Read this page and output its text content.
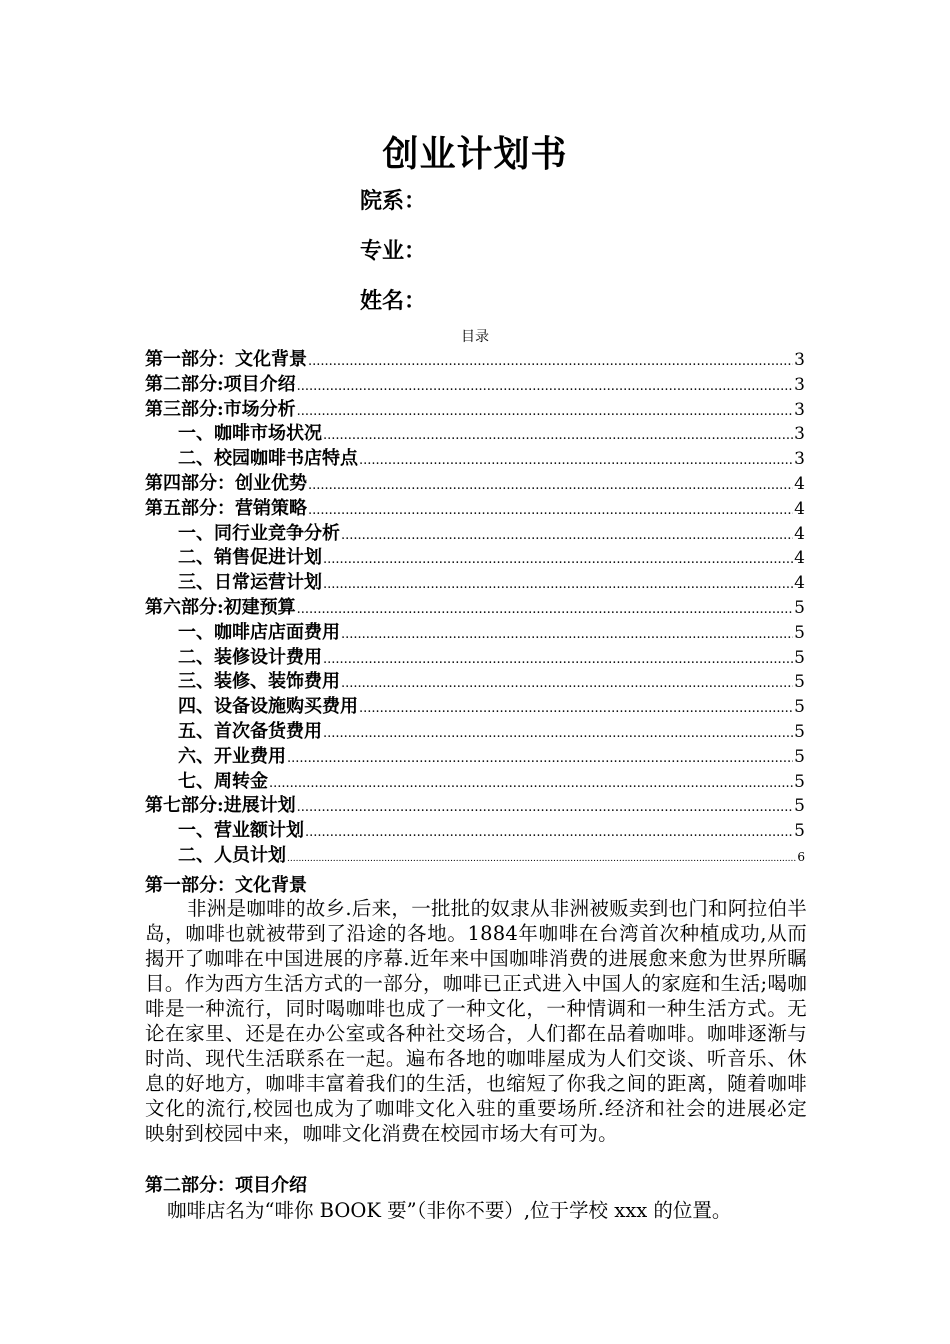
创业计划书
院系：
专业：
姓名：
目录
第一部分：文化背景 .....	3
第二部分:项目介绍 .....	3
第三部分:市场分析 .....	3
一、咖啡市场状况 .....	3
二、校园咖啡书店特点 .....	3
第四部分：创业优势 .....	4
第五部分：营销策略 .....	4
一、同行业竞争分析 .....	4
二、销售促进计划 .....	4
三、日常运营计划 .....	4
第六部分:初建预算 .....	5
一、咖啡店店面费用 .....	5
二、装修设计费用 .....	5
三、装修、装饰费用 .....	5
四、设备设施购买费用 .....	5
五、首次备货费用 .....	5
六、开业费用 .....	5
七、周转金 .....	5
第七部分:进展计划 .....	5
一、营业额计划 .....	5
二、人员计划 .....	6
第一部分：文化背景
非洲是咖啡的故乡.后来，一批批的奴隶从非洲被贩卖到也门和阿拉伯半岛，咖啡也就被带到了沿途的各地。1884年咖啡在台湾首次种植成功,从而揭开了咖啡在中国进展的序幕.近年来中国咖啡消费的进展愈来愈为世界所瞩目。作为西方生活方式的一部分，咖啡已正式进入中国人的家庭和生活;喝咖啡是一种流行，同时喝咖啡也成了一种文化，一种情调和一种生活方式。无论在家里、还是在办公室或各种社交场合，人们都在品着咖啡。咖啡逐渐与时尚、现代生活联系在一起。遍布各地的咖啡屋成为人们交谈、听音乐、休息的好地方，咖啡丰富着我们的生活，也缩短了你我之间的距离，随着咖啡文化的流行,校园也成为了咖啡文化入驻的重要场所.经济和社会的进展必定映射到校园中来，咖啡文化消费在校园市场大有可为。
第二部分：项目介绍
咖啡店名为“啡你 BOOK 要”（非你不要）,位于学校 xxx 的位置。
